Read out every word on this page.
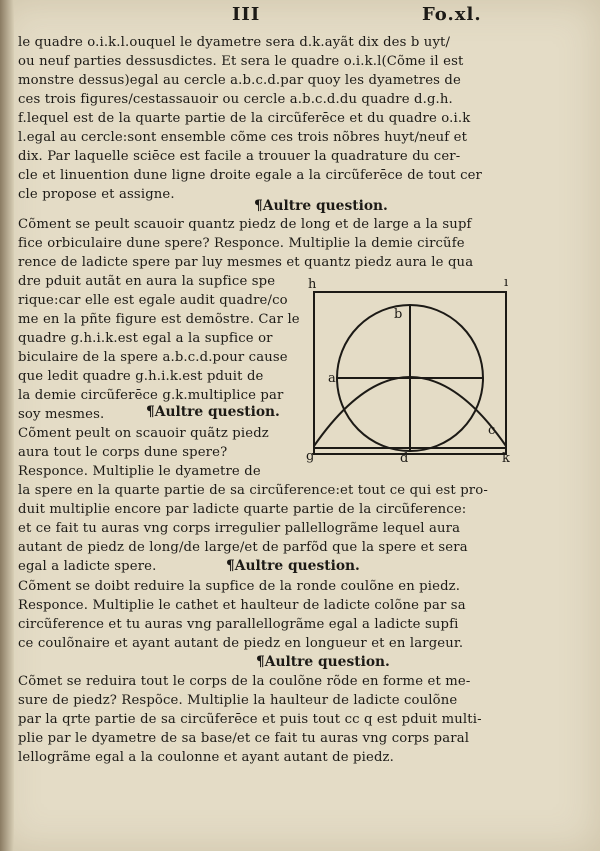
III	Fo.xl.
le quadre o.i.k.l.ouquel le dyametre sera d.k.ayãt dix des b uyt/
ou neuf parties dessusdictes. Et sera le quadre o.i.k.l(Cõme il est
monstre dessus)egal au cercle a.b.c.d.par quoy les dyametres de
ces trois figures/cestassauoir ou cercle a.b.c.d.du quadre d.g.h.
f.lequel est de la quarte partie de la circũferēce et du quadre o.i.k
l.egal au cercle:sont ensemble cõme ces trois nõbres huyt/neuf et
dix. Par laquelle sciēce est facile a trouuer la quadrature du cer-
cle et linuention dune ligne droite egale a la circũferēce de tout cer
cle propose et assigne.
¶Aultre question.
Cõment se peult scauoir quantz piedz de long et de large a la supf
fice orbiculaire dune spere? Responce. Multiplie la demie circũfe
rence de ladicte spere par luy mesmes et quantz piedz aura le qua
dre pduit autãt en aura la supfice spe
rique:car elle est egale audit quadre/co
me en la pñte figure est demõstre. Car le
quadre g.h.i.k.est egal a la supfice or
biculaire de la spere a.b.c.d.pour cause
que ledit quadre g.h.i.k.est pduit de
la demie circũferēce g.k.multiplice par
soy mesmes.	¶Aultre question.
Cõment peult on scauoir quãtz piedz
aura tout le corps dune spere?
Responce. Multiplie le dyametre de
la spere en la quarte partie de sa circũference:et tout ce qui est pro-
duit multiplie encore par ladicte quarte partie de la circũference:
et ce fait tu auras vng corps irregulier pallellogrãme lequel aura
autant de piedz de long/de large/et de parfõd que la spere et sera
egal a ladicte spere.	¶Aultre question.
Cõment se doibt reduire la supfice de la ronde coulõne en piedz.
Responce. Multiplie le cathet et haulteur de ladicte colõne par sa
circũference et tu auras vng parallellogrãme egal a ladicte supfi
ce coulõnaire et ayant autant de piedz en longueur et en largeur.
¶Aultre question.
Cõmet se reduira tout le corps de la coulõne rõde en forme et me-
sure de piedz? Respõce. Multiplie la haulteur de ladicte coulõne
par la qrte partie de sa circũferēce et puis tout cc q est pduit multi-
plie par le dyametre de sa base/et ce fait tu auras vng corps paral
lellogrãme egal a la coulonne et ayant autant de piedz.
h	i
b
a
c
g	d	k
